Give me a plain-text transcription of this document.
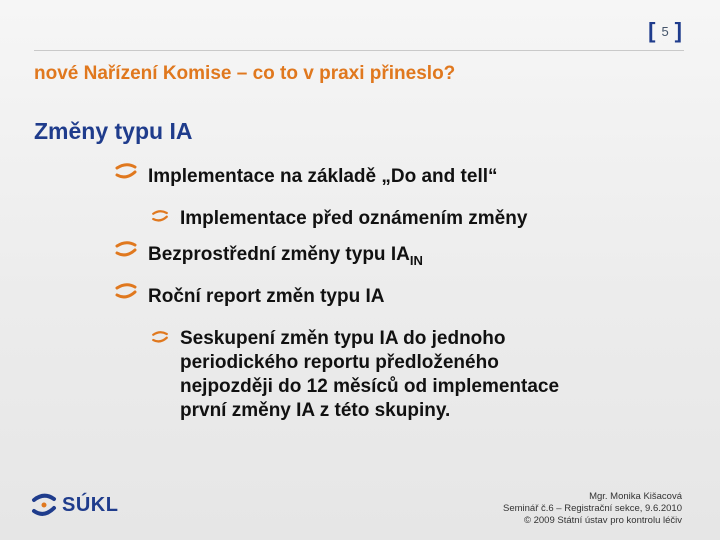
[ 5 ]
nové Nařízení Komise – co to v praxi přineslo?
Změny typu IA
Implementace na základě „Do and tell“
Implementace před oznámením změny
Bezprostřední změny typu $IA_{IN}$
Roční report změn typu IA
Seskupení změn typu IA do jednoho
periodického reportu předloženého
nejpozději do 12 měsíců od implementace
první změny IA z této skupiny.
SÚKL	Mgr. Monika Kišacová
Seminář č.6 – Registrační sekce, 9.6.2010
© 2009 Státní ústav pro kontrolu léčiv
